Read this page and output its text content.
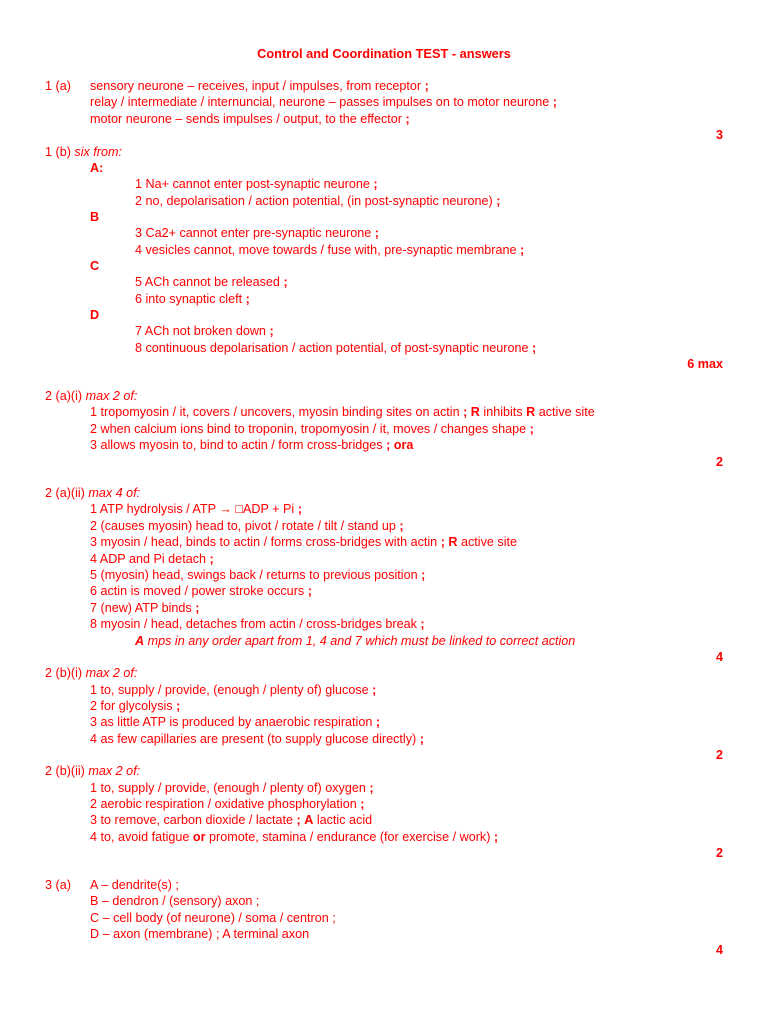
Control and Coordination TEST - answers
1 (a) sensory neurone – receives, input / impulses, from receptor ;
relay / intermediate / internuncial, neurone – passes impulses on to motor neurone ;
motor neurone – sends impulses / output, to the effector ;
3
1 (b) six from:
A:
1 Na+ cannot enter post-synaptic neurone ;
2 no, depolarisation / action potential, (in post-synaptic neurone) ;
B
3 Ca2+ cannot enter pre-synaptic neurone ;
4 vesicles cannot, move towards / fuse with, pre-synaptic membrane ;
C
5 ACh cannot be released ;
6 into synaptic cleft ;
D
7 ACh not broken down ;
8 continuous depolarisation / action potential, of post-synaptic neurone ;
6 max
2 (a)(i) max 2 of:
1 tropomyosin / it, covers / uncovers, myosin binding sites on actin ; R inhibits R active site
2 when calcium ions bind to troponin, tropomyosin / it, moves / changes shape ;
3 allows myosin to, bind to actin / form cross-bridges ; ora
2
2 (a)(ii) max 4 of:
1 ATP hydrolysis / ATP → □ADP + Pi ;
2 (causes myosin) head to, pivot / rotate / tilt / stand up ;
3 myosin / head, binds to actin / forms cross-bridges with actin ; R active site
4 ADP and Pi detach ;
5 (myosin) head, swings back / returns to previous position ;
6 actin is moved / power stroke occurs ;
7 (new) ATP binds ;
8 myosin / head, detaches from actin / cross-bridges break ;
A mps in any order apart from 1, 4 and 7 which must be linked to correct action
4
2 (b)(i) max 2 of:
1 to, supply / provide, (enough / plenty of) glucose ;
2 for glycolysis ;
3 as little ATP is produced by anaerobic respiration ;
4 as few capillaries are present (to supply glucose directly) ;
2
2 (b)(ii) max 2 of:
1 to, supply / provide, (enough / plenty of) oxygen ;
2 aerobic respiration / oxidative phosphorylation ;
3 to remove, carbon dioxide / lactate ; A lactic acid
4 to, avoid fatigue or promote, stamina / endurance (for exercise / work) ;
2
3 (a) A – dendrite(s) ;
B – dendron / (sensory) axon ;
C – cell body (of neurone) / soma / centron ;
D – axon (membrane) ; A terminal axon
4
